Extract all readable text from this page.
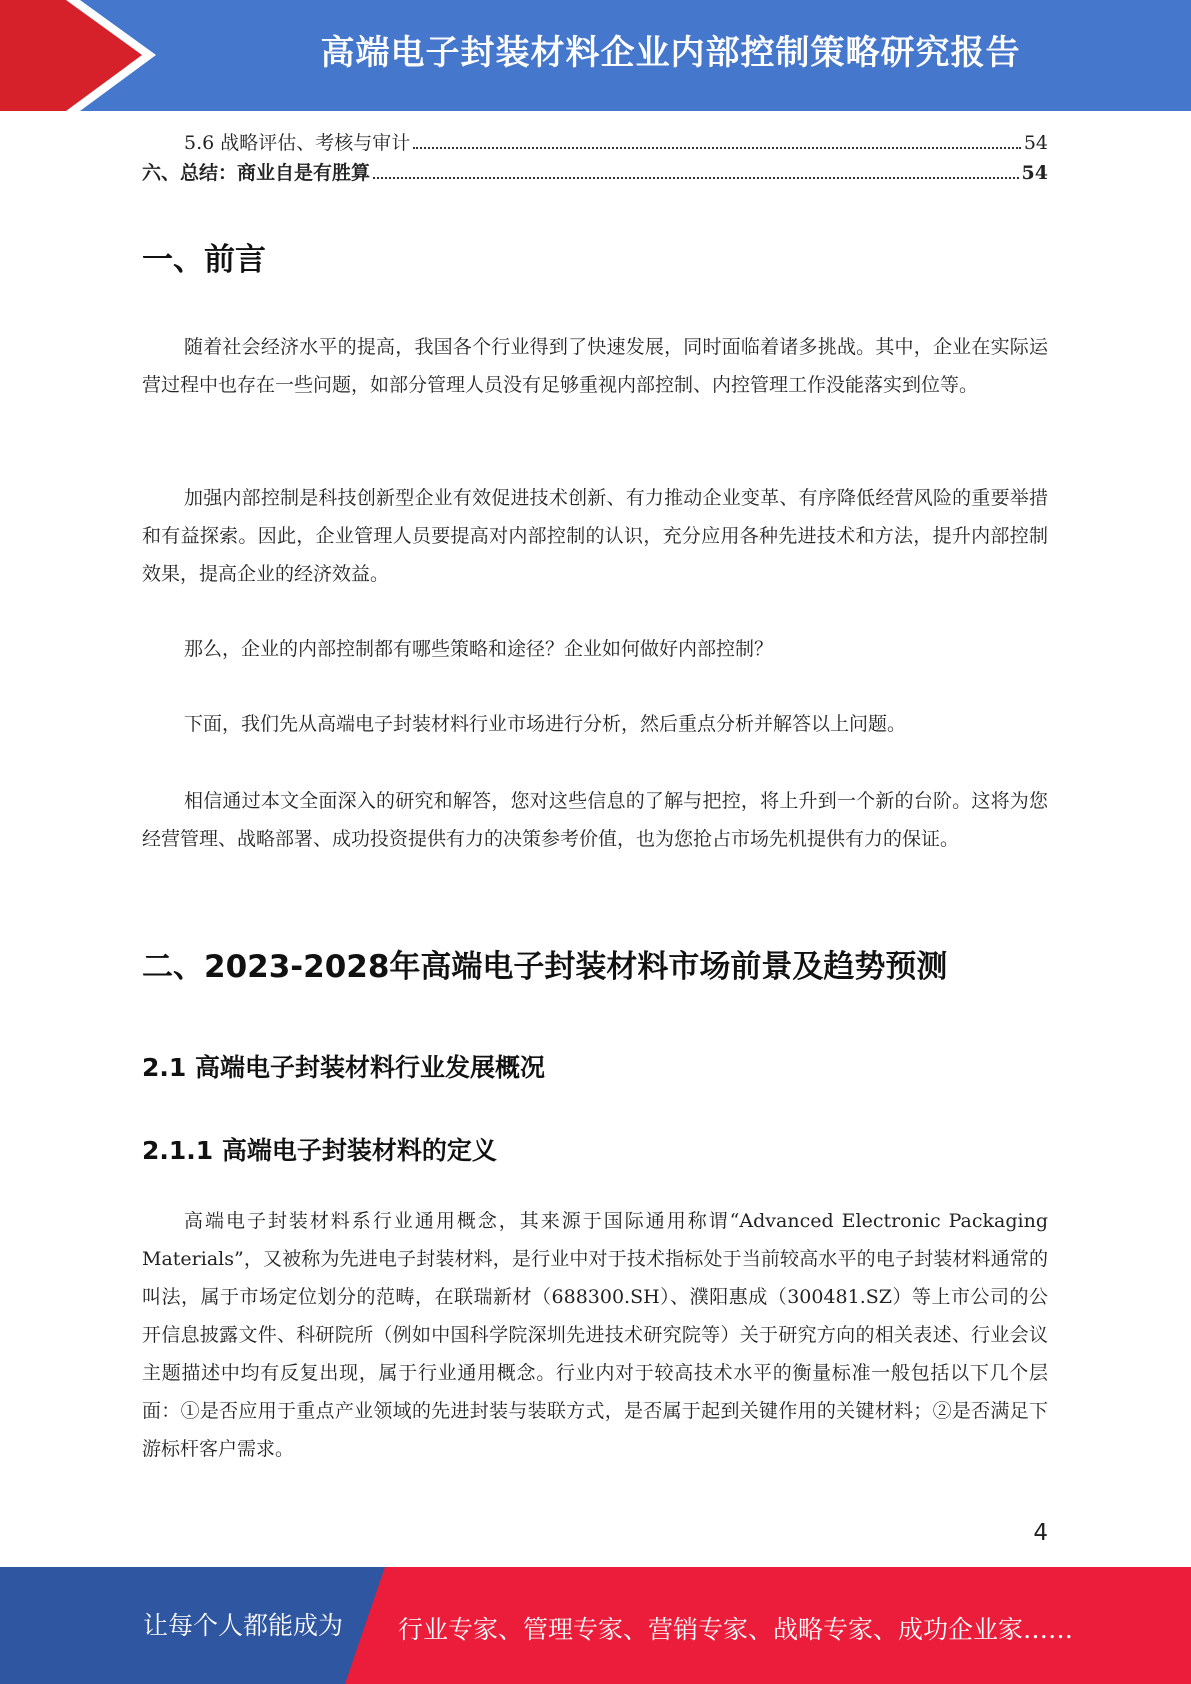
高端电子封装材料企业内部控制策略研究报告
5.6 战略评估、考核与审计	54
六、总结：商业自是有胜算	54
一、前言

随着社会经济水平的提高，我国各个行业得到了快速发展，同时面临着诸多挑战。其中，企业在实际运营过程中也存在一些问题，如部分管理人员没有足够重视内部控制、内控管理工作没能落实到位等。

加强内部控制是科技创新型企业有效促进技术创新、有力推动企业变革、有序降低经营风险的重要举措和有益探索。因此，企业管理人员要提高对内部控制的认识，充分应用各种先进技术和方法，提升内部控制效果，提高企业的经济效益。

那么，企业的内部控制都有哪些策略和途径？企业如何做好内部控制？

下面，我们先从高端电子封装材料行业市场进行分析，然后重点分析并解答以上问题。

相信通过本文全面深入的研究和解答，您对这些信息的了解与把控，将上升到一个新的台阶。这将为您经营管理、战略部署、成功投资提供有力的决策参考价值，也为您抢占市场先机提供有力的保证。

二、2023-2028年高端电子封装材料市场前景及趋势预测
2.1 高端电子封装材料行业发展概况
2.1.1 高端电子封装材料的定义

高端电子封装材料系行业通用概念，其来源于国际通用称谓“Advanced Electronic Packaging Materials”，又被称为先进电子封装材料，是行业中对于技术指标处于当前较高水平的电子封装材料通常的叫法，属于市场定位划分的范畴，在联瑞新材（688300.SH）、濮阳惠成（300481.SZ）等上市公司的公开信息披露文件、科研院所（例如中国科学院深圳先进技术研究院等）关于研究方向的相关表述、行业会议主题描述中均有反复出现，属于行业通用概念。行业内对于较高技术水平的衡量标准一般包括以下几个层面：①是否应用于重点产业领域的先进封装与装联方式，是否属于起到关键作用的关键材料；②是否满足下游标杆客户需求。

4
让每个人都能成为 行业专家、管理专家、营销专家、战略专家、成功企业家……
